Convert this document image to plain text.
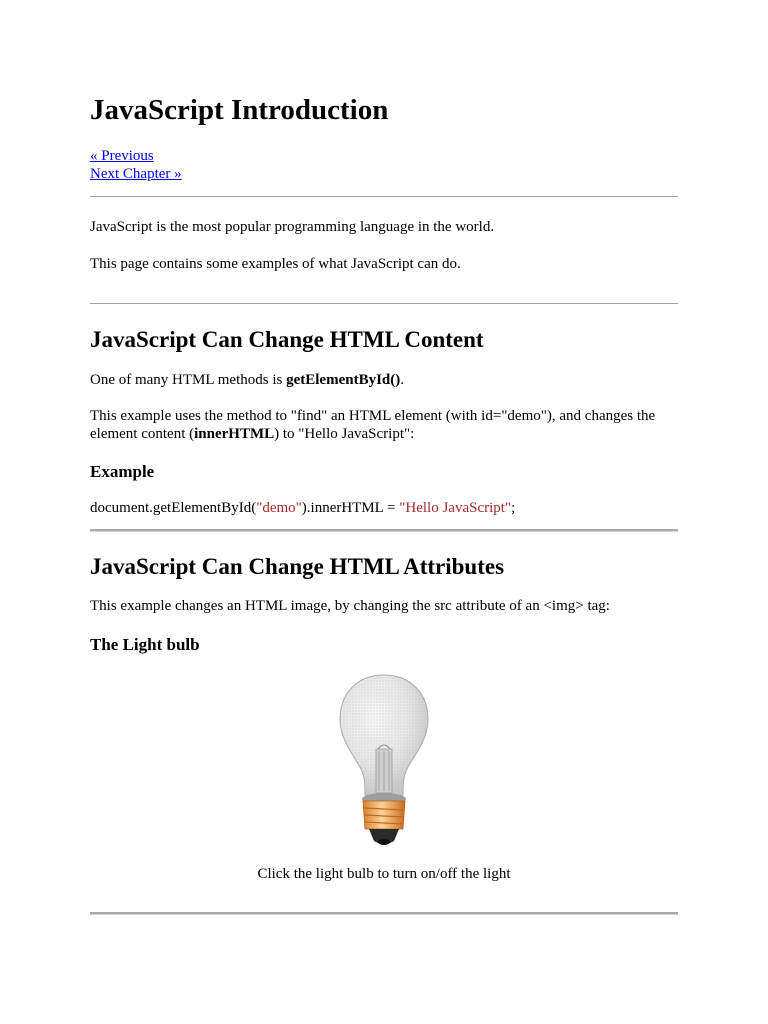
JavaScript Introduction
« Previous
Next Chapter »

JavaScript is the most popular programming language in the world.

This page contains some examples of what JavaScript can do.

JavaScript Can Change HTML Content

One of many HTML methods is getElementById().

This example uses the method to "find" an HTML element (with id="demo"), and changes the element content (innerHTML) to "Hello JavaScript":

Example

document.getElementById("demo").innerHTML = "Hello JavaScript";

JavaScript Can Change HTML Attributes

This example changes an HTML image, by changing the src attribute of an <img> tag:

The Light bulb
Click the light bulb to turn on/off the light
